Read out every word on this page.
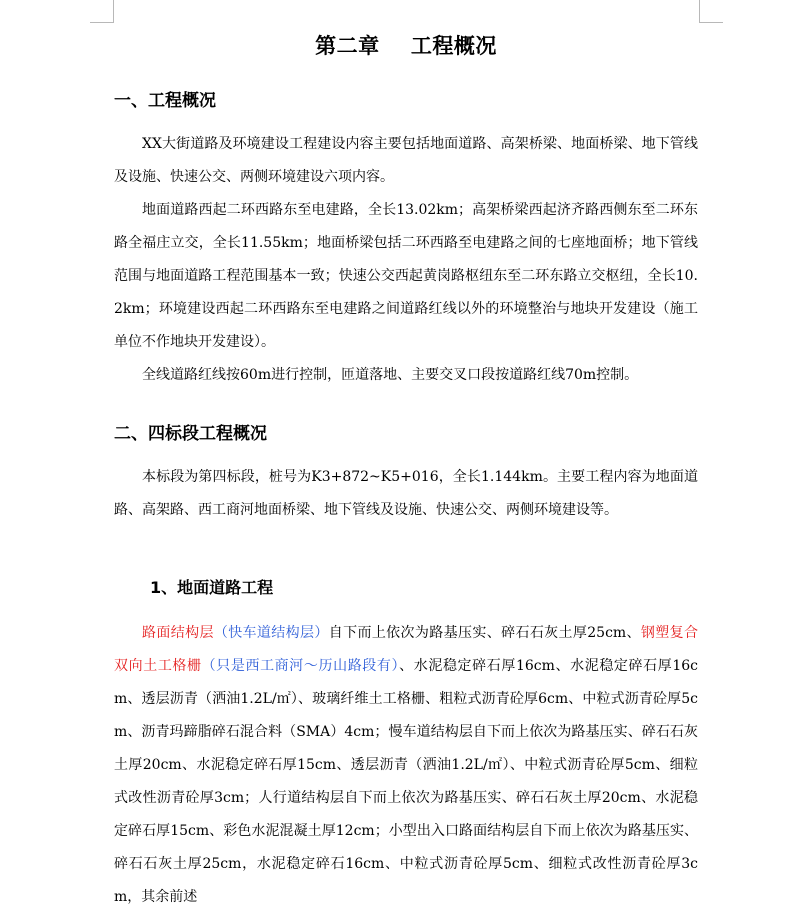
第二章    工程概况
一、工程概况

XX大街道路及环境建设工程建设内容主要包括地面道路、高架桥梁、地面桥梁、地下管线及设施、快速公交、两侧环境建设六项内容。

地面道路西起二环西路东至电建路，全长13.02km；高架桥梁西起济齐路西侧东至二环东路全福庄立交，全长11.55km；地面桥梁包括二环西路至电建路之间的七座地面桥；地下管线范围与地面道路工程范围基本一致；快速公交西起黄岗路枢纽东至二环东路立交枢纽，全长10.2km；环境建设西起二环西路东至电建路之间道路红线以外的环境整治与地块开发建设（施工单位不作地块开发建设）。

全线道路红线按60m进行控制，匝道落地、主要交叉口段按道路红线70m控制。

二、四标段工程概况

本标段为第四标段，桩号为K3+872~K5+016，全长1.144km。主要工程内容为地面道路、高架路、西工商河地面桥梁、地下管线及设施、快速公交、两侧环境建设等。

1、地面道路工程

路面结构层（快车道结构层）自下而上依次为路基压实、碎石石灰土厚25cm、钢塑复合双向土工格栅（只是西工商河～历山路段有）、水泥稳定碎石厚16cm、水泥稳定碎石厚16cm、透层沥青（洒油1.2L/㎡）、玻璃纤维土工格栅、粗粒式沥青砼厚6cm、中粒式沥青砼厚5cm、沥青玛蹄脂碎石混合料（SMA）4cm；慢车道结构层自下而上依次为路基压实、碎石石灰土厚20cm、水泥稳定碎石厚15cm、透层沥青（洒油1.2L/㎡）、中粒式沥青砼厚5cm、细粒式改性沥青砼厚3cm；人行道结构层自下而上依次为路基压实、碎石石灰土厚20cm、水泥稳定碎石厚15cm、彩色水泥混凝土厚12cm；小型出入口路面结构层自下而上依次为路基压实、碎石石灰土厚25cm，水泥稳定碎石16cm、中粒式沥青砼厚5cm、细粒式改性沥青砼厚3cm，其余前述
